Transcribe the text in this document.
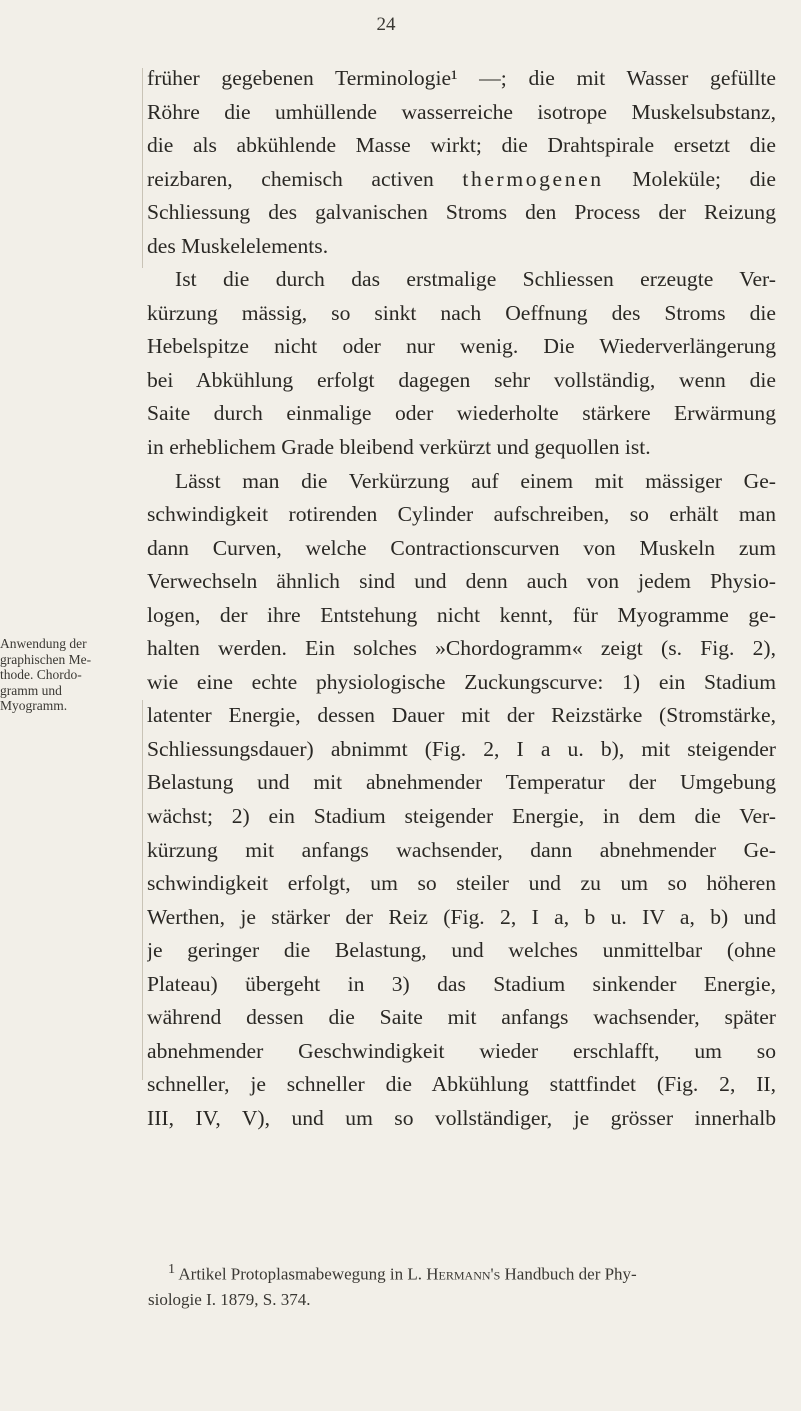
24
Anwendung der
graphischen Me-
thode. Chordo-
gramm und
Myogramm.
früher gegebenen Terminologie¹ —; die mit Wasser gefüllte
Röhre die umhüllende wasserreiche isotrope Muskelsubstanz,
die als abkühlende Masse wirkt; die Drahtspirale ersetzt die
reizbaren, chemisch activen thermogenen Moleküle; die
Schliessung des galvanischen Stroms den Process der Reizung
des Muskelelements.
Ist die durch das erstmalige Schliessen erzeugte Ver-
kürzung mässig, so sinkt nach Oeffnung des Stroms die
Hebelspitze nicht oder nur wenig. Die Wiederverlängerung
bei Abkühlung erfolgt dagegen sehr vollständig, wenn die
Saite durch einmalige oder wiederholte stärkere Erwärmung
in erheblichem Grade bleibend verkürzt und gequollen ist.
Lässt man die Verkürzung auf einem mit mässiger Ge-
schwindigkeit rotirenden Cylinder aufschreiben, so erhält man
dann Curven, welche Contractionscurven von Muskeln zum
Verwechseln ähnlich sind und denn auch von jedem Physio-
logen, der ihre Entstehung nicht kennt, für Myogramme ge-
halten werden. Ein solches »Chordogramm« zeigt (s. Fig. 2),
wie eine echte physiologische Zuckungscurve: 1) ein Stadium
latenter Energie, dessen Dauer mit der Reizstärke (Stromstärke,
Schliessungsdauer) abnimmt (Fig. 2, I a u. b), mit steigender
Belastung und mit abnehmender Temperatur der Umgebung
wächst; 2) ein Stadium steigender Energie, in dem die Ver-
kürzung mit anfangs wachsender, dann abnehmender Ge-
schwindigkeit erfolgt, um so steiler und zu um so höheren
Werthen, je stärker der Reiz (Fig. 2, I a, b u. IV a, b) und
je geringer die Belastung, und welches unmittelbar (ohne
Plateau) übergeht in 3) das Stadium sinkender Energie,
während dessen die Saite mit anfangs wachsender, später
abnehmender Geschwindigkeit wieder erschlafft, um so
schneller, je schneller die Abkühlung stattfindet (Fig. 2, II,
III, IV, V), und um so vollständiger, je grösser innerhalb
$^1$ Artikel Protoplasmabewegung in L. Hermann's Handbuch der Phy-
siologie I. 1879, S. 374.
